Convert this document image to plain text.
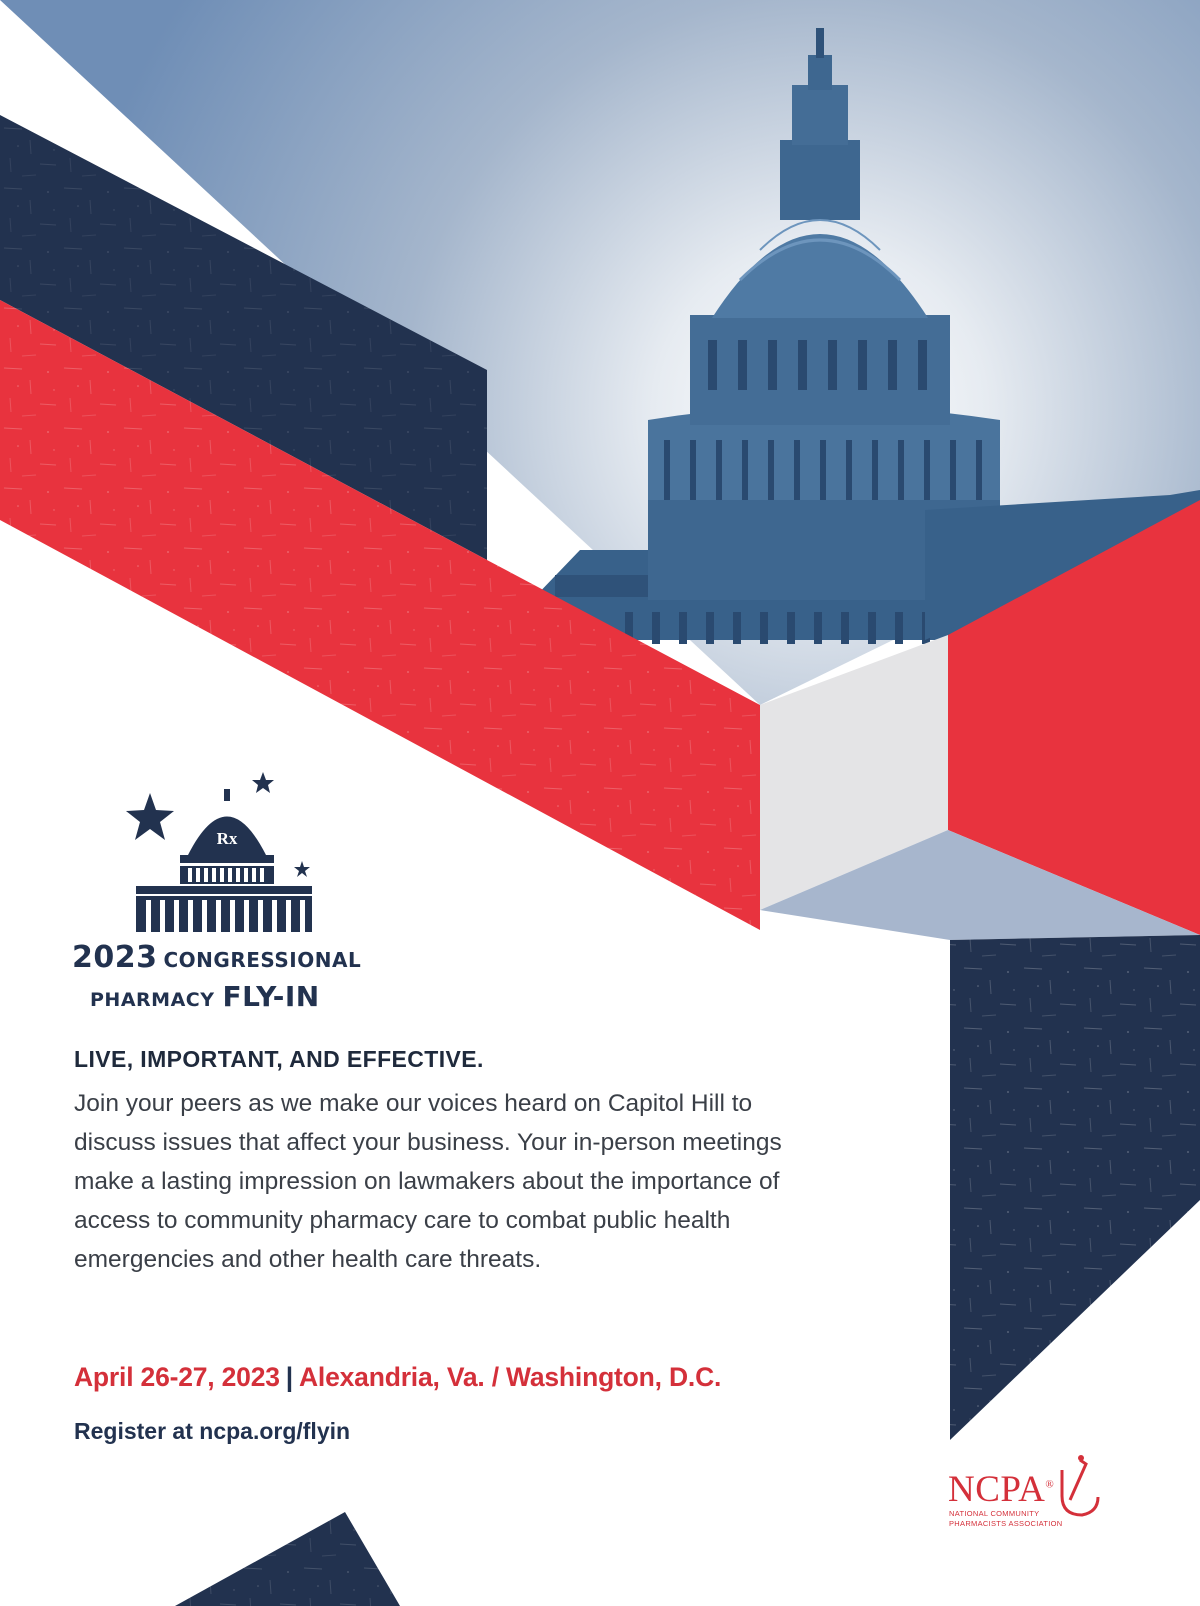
Rx
2023 CONGRESSIONAL
PHARMACY FLY-IN
LIVE, IMPORTANT, AND EFFECTIVE.

Join your peers as we make our voices heard on Capitol Hill to discuss issues that affect your business. Your in-person meetings make a lasting impression on lawmakers about the importance of access to community pharmacy care to combat public health emergencies and other health care threats.

April 26-27, 2023 | Alexandria, Va. / Washington, D.C.
Register at ncpa.org/flyin
NCPA®
NATIONAL COMMUNITY
PHARMACISTS ASSOCIATION
